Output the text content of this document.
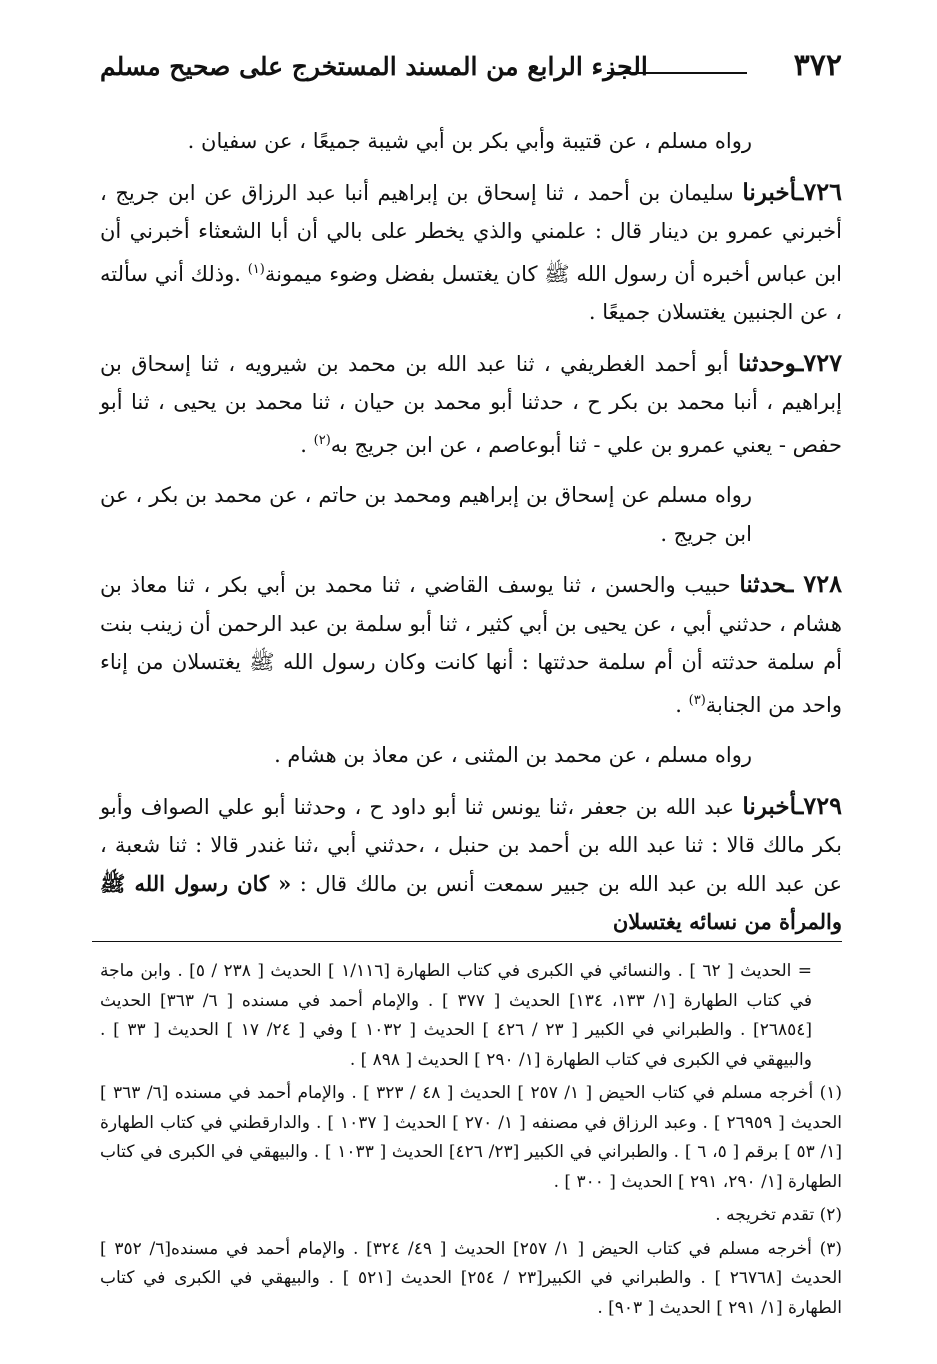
٣٧٢
الجزء الرابع من المسند المستخرج على صحيح مسلم

رواه مسلم ، عن قتيبة وأبي بكر بن أبي شيبة جميعًا ، عن سفيان .

٧٢٦ـأخبرنا سليمان بن أحمد ، ثنا إسحاق بن إبراهيم أنبا عبد الرزاق عن ابن جريج ، أخبرني عمرو بن دينار قال : علمني والذي يخطر على بالي أن أبا الشعثاء أخبرني أن ابن عباس أخبره أن رسول الله ﷺ كان يغتسل بفضل وضوء ميمونة$^{(١)}$ .وذلك أني سألته ، عن الجنبين يغتسلان جميعًا .

٧٢٧ـوحدثنا أبو أحمد الغطريفي ، ثنا عبد الله بن محمد بن شيرويه ، ثنا إسحاق بن إبراهيم ، أنبا محمد بن بكر ح ، حدثنا أبو محمد بن حيان ، ثنا محمد بن يحيى ، ثنا أبو حفص - يعني عمرو بن علي - ثنا أبوعاصم ، عن ابن جريج به$^{(٢)}$ .

رواه مسلم عن إسحاق بن إبراهيم ومحمد بن حاتم ، عن محمد بن بكر ، عن ابن جريج .

٧٢٨ ـحدثنا حبيب والحسن ، ثنا يوسف القاضي ، ثنا محمد بن أبي بكر ، ثنا معاذ بن هشام ، حدثني أبي ، عن يحيى بن أبي كثير ، ثنا أبو سلمة بن عبد الرحمن أن زينب بنت أم سلمة حدثته أن أم سلمة حدثتها : أنها كانت وكان رسول الله ﷺ يغتسلان من إناء واحد من الجنابة$^{(٣)}$ .

رواه مسلم ، عن محمد بن المثنى ، عن معاذ بن هشام .

٧٢٩ـأخبرنا عبد الله بن جعفر ،ثنا يونس ثنا أبو داود ح ، وحدثنا أبو علي الصواف وأبو بكر مالك قالا : ثنا عبد الله بن أحمد بن حنبل ، ،حدثني أبي ،ثنا غندر قالا : ثنا شعبة ، عن عبد الله بن عبد الله بن جبير سمعت أنس بن مالك قال : « كان رسول الله ﷺ والمرأة من نسائه يغتسلان

= الحديث [ ٦٢ ] . والنسائي في الكبرى في كتاب الطهارة [١/١١٦ ] الحديث [ ٢٣٨ / ٥] . وابن ماجة في كتاب الطهارة [١/ ١٣٣، ١٣٤] الحديث [ ٣٧٧ ] . والإمام أحمد في مسنده [ ٦/ ٣٦٣] الحديث [٢٦٨٥٤] . والطبراني في الكبير [ ٢٣ / ٤٢٦ ] الحديث [ ١٠٣٢ ] وفي [ ٢٤/ ١٧ ] الحديث [ ٣٣ ] . والبيهقي في الكبرى في كتاب الطهارة [١/ ٢٩٠ ] الحديث [ ٨٩٨ ] .

(١) أخرجه مسلم في كتاب الحيض [ ١/ ٢٥٧ ] الحديث [ ٤٨ / ٣٢٣ ] . والإمام أحمد في مسنده [٦/ ٣٦٣ ] الحديث [ ٢٦٩٥٩ ] . وعبد الرزاق في مصنفه [ ١/ ٢٧٠ ] الحديث [ ١٠٣٧ ] . والدارقطني في كتاب الطهارة [١/ ٥٣ ] برقم [ ٥، ٦ ] . والطبراني في الكبير [٢٣/ ٤٢٦] الحديث [ ١٠٣٣ ] . والبيهقي في الكبرى في كتاب الطهارة [١/ ٢٩٠، ٢٩١ ] الحديث [ ٣٠٠ ] .

(٢) تقدم تخريجه .

(٣) أخرجه مسلم في كتاب الحيض [ ١/ ٢٥٧] الحديث [ ٤٩/ ٣٢٤] . والإمام أحمد في مسنده[٦/ ٣٥٢ ] الحديث [٢٦٧٦٨ ] . والطبراني في الكبير[٢٣ / ٢٥٤] الحديث [٥٢١ ] . والبيهقي في الكبرى في كتاب الطهارة [١/ ٢٩١ ] الحديث [ ٩٠٣] .
